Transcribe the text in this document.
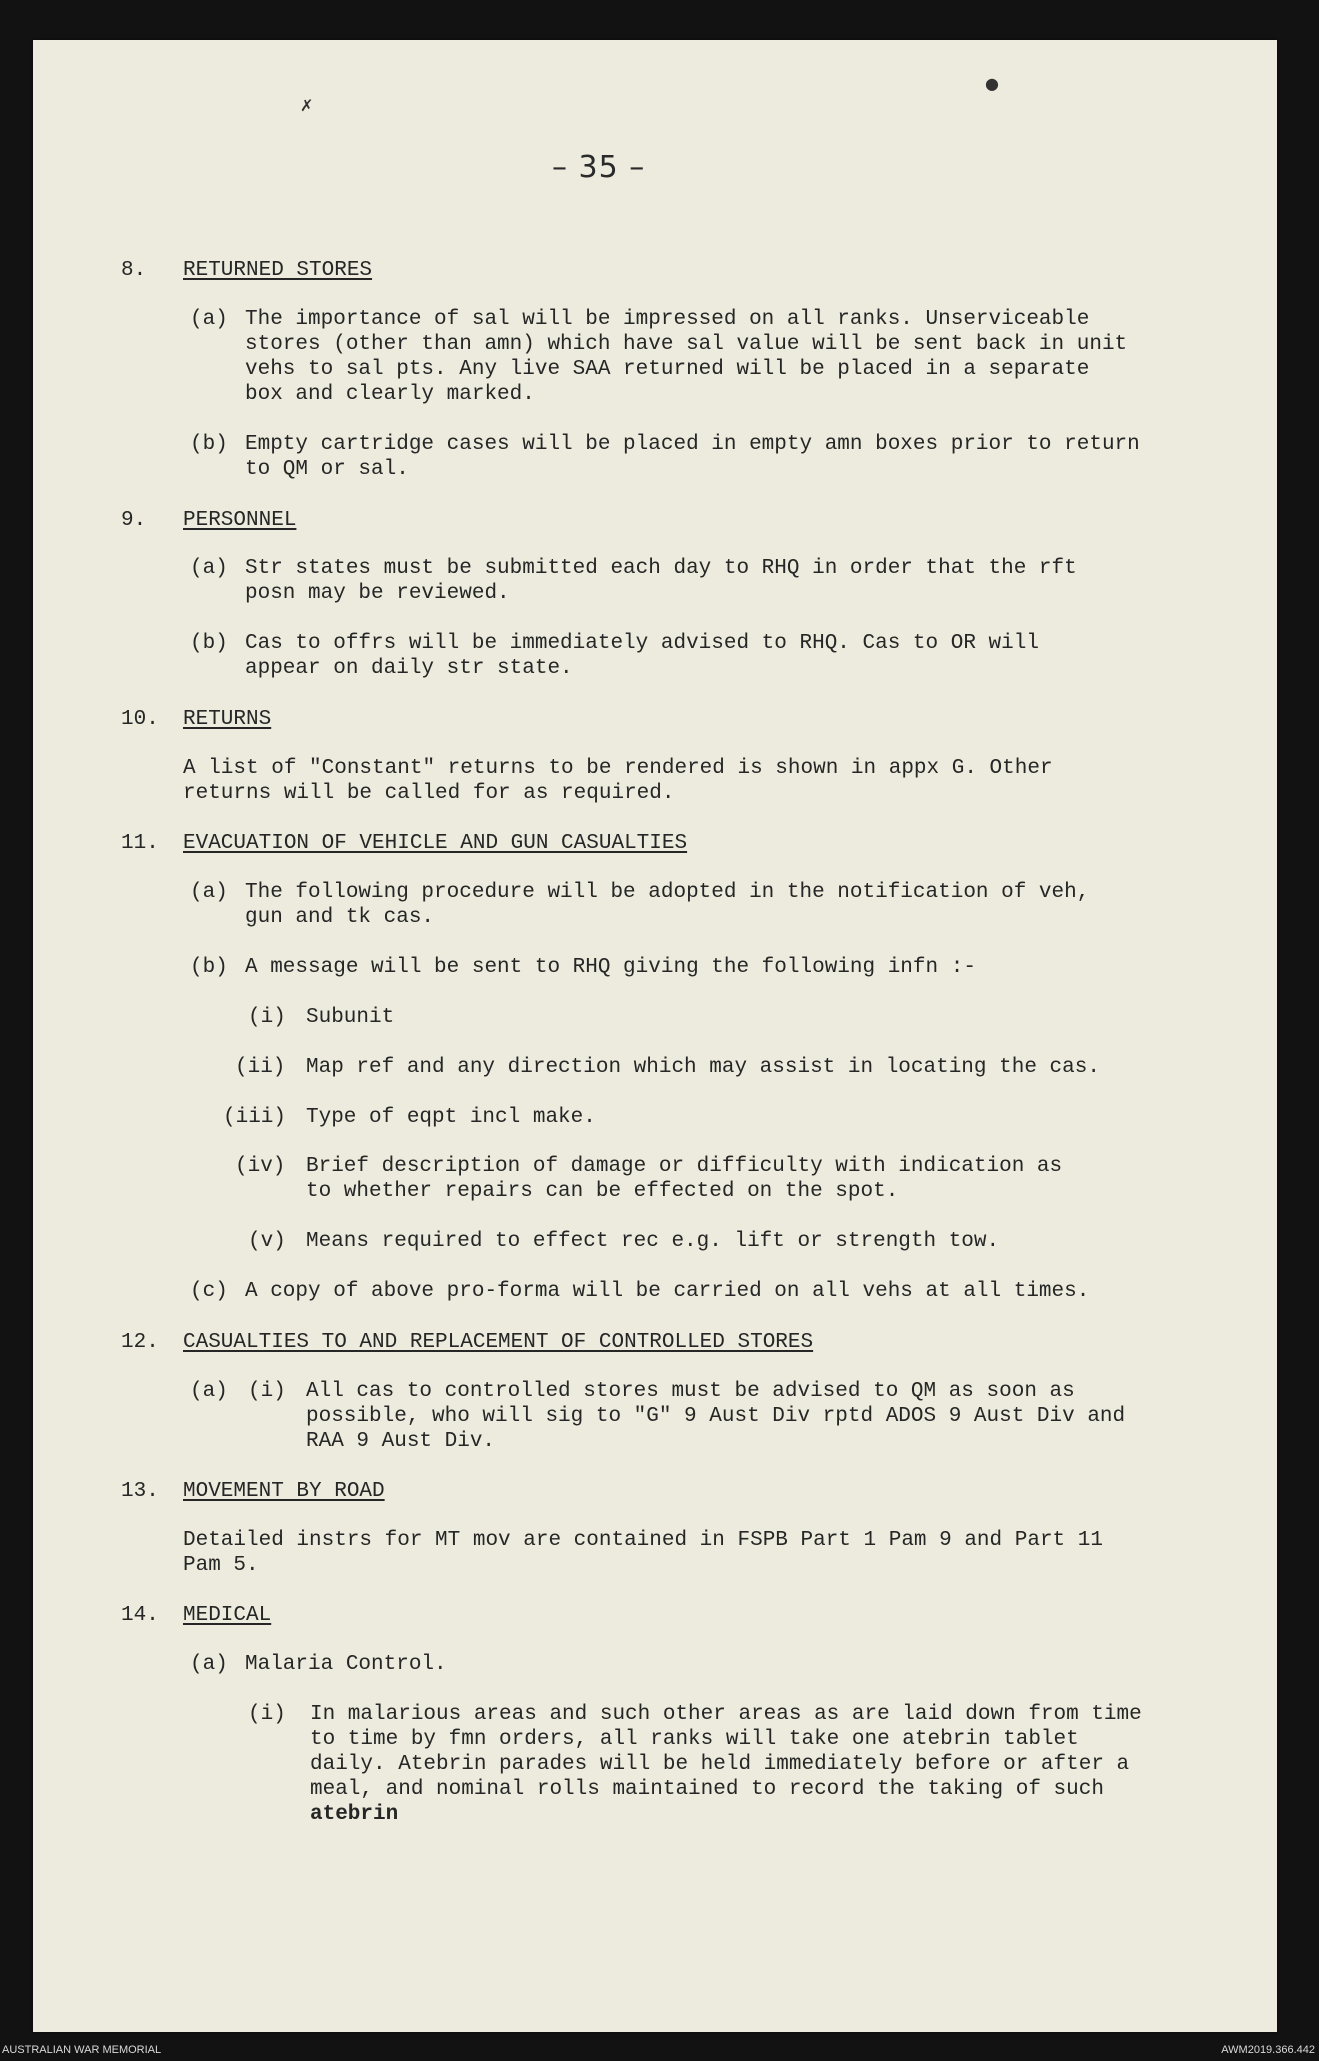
✗
●
– 35 –

8. RETURNED STORES

(a) The importance of sal will be impressed on all ranks. Unserviceable

stores (other than amn) which have sal value will be sent back in unit

vehs to sal pts. Any live SAA returned will be placed in a separate

box and clearly marked.

(b) Empty cartridge cases will be placed in empty amn boxes prior to return

to QM or sal.

9. PERSONNEL

(a) Str states must be submitted each day to RHQ in order that the rft

posn may be reviewed.

(b) Cas to offrs will be immediately advised to RHQ. Cas to OR will

appear on daily str state.

10. RETURNS

A list of "Constant" returns to be rendered is shown in appx G. Other

returns will be called for as required.

11. EVACUATION OF VEHICLE AND GUN CASUALTIES

(a) The following procedure will be adopted in the notification of veh,

gun and tk cas.

(b) A message will be sent to RHQ giving the following infn :-

(i) Subunit

(ii) Map ref and any direction which may assist in locating the cas.

(iii) Type of eqpt incl make.

(iv) Brief description of damage or difficulty with indication as

to whether repairs can be effected on the spot.

(v) Means required to effect rec e.g. lift or strength tow.

(c) A copy of above pro-forma will be carried on all vehs at all times.

12. CASUALTIES TO AND REPLACEMENT OF CONTROLLED STORES

(a) (i) All cas to controlled stores must be advised to QM as soon as

possible, who will sig to "G" 9 Aust Div rptd ADOS 9 Aust Div and

RAA 9 Aust Div.

13. MOVEMENT BY ROAD

Detailed instrs for MT mov are contained in FSPB Part 1 Pam 9 and Part 11

Pam 5.

14. MEDICAL

(a) Malaria Control.

(i) In malarious areas and such other areas as are laid down from time

to time by fmn orders, all ranks will take one atebrin tablet

daily. Atebrin parades will be held immediately before or after a

meal, and nominal rolls maintained to record the taking of such

atebrin

AUSTRALIAN WAR MEMORIAL	AWM2019.366.442
